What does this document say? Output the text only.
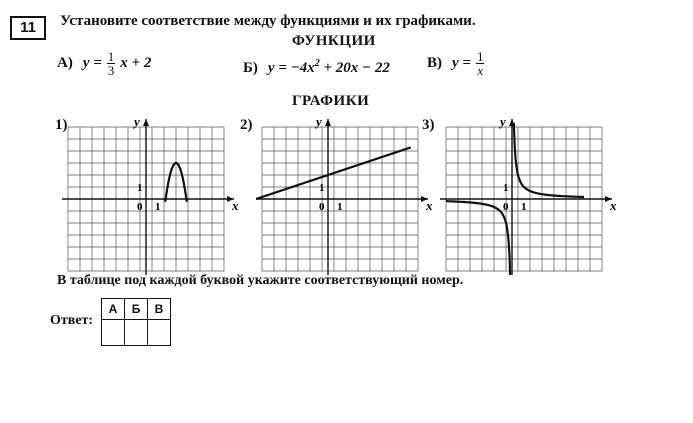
11	Установите соответствие между функциями и их графиками.
ФУНКЦИИ
А) $y = \frac{1}{3}$ x + 2	Б) $y = -4x^2 + 20x - 22$ В) $y = \frac{1}{x}$
ГРАФИКИ
1)	2)	3)
x
y
0 1
1
x
y
0 1
1
x
y
0 1
1
В таблице под каждой буквой укажите соответствующий номер.
Ответ:
А	Б	В
